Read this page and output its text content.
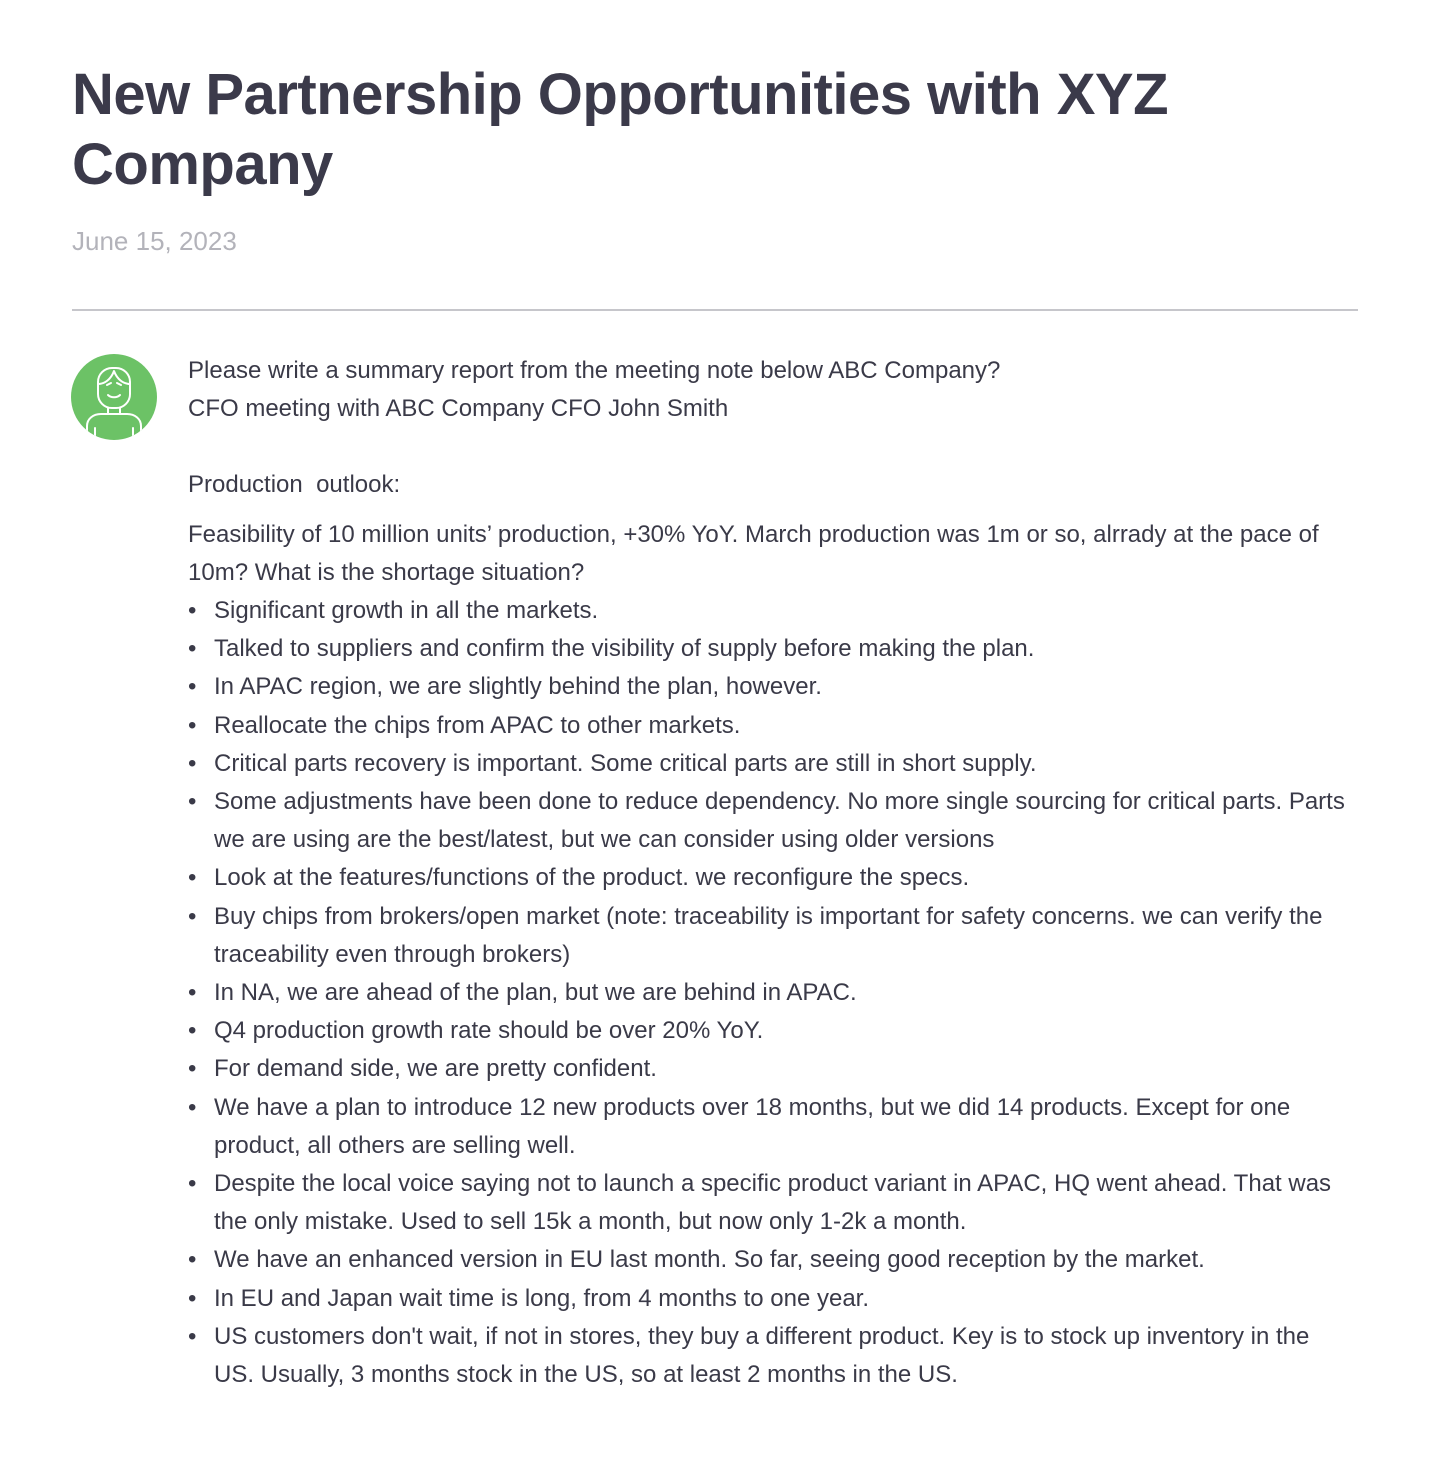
New Partnership Opportunities with XYZ Company
June 15, 2023

Please write a summary report from the meeting note below ABC Company?

CFO meeting with ABC Company CFO John Smith

Production  outlook:

Feasibility of 10 million units’ production, +30% YoY. March production was 1m or so, alrrady at the pace of 10m? What is the shortage situation?

• Significant growth in all the markets.
• Talked to suppliers and confirm the visibility of supply before making the plan.
• In APAC region, we are slightly behind the plan, however.
• Reallocate the chips from APAC to other markets.
• Critical parts recovery is important. Some critical parts are still in short supply.
• Some adjustments have been done to reduce dependency. No more single sourcing for critical parts. Parts we are using are the best/latest, but we can consider using older versions
• Look at the features/functions of the product. we reconfigure the specs.
• Buy chips from brokers/open market (note: traceability is important for safety concerns. we can verify the traceability even through brokers)
• In NA, we are ahead of the plan, but we are behind in APAC.
• Q4 production growth rate should be over 20% YoY.
• For demand side, we are pretty confident.
• We have a plan to introduce 12 new products over 18 months, but we did 14 products. Except for one product, all others are selling well.
• Despite the local voice saying not to launch a specific product variant in APAC, HQ went ahead. That was the only mistake. Used to sell 15k a month, but now only 1-2k a month.
• We have an enhanced version in EU last month. So far, seeing good reception by the market.
• In EU and Japan wait time is long, from 4 months to one year.
• US customers don't wait, if not in stores, they buy a different product. Key is to stock up inventory in the US. Usually, 3 months stock in the US, so at least 2 months in the US.
